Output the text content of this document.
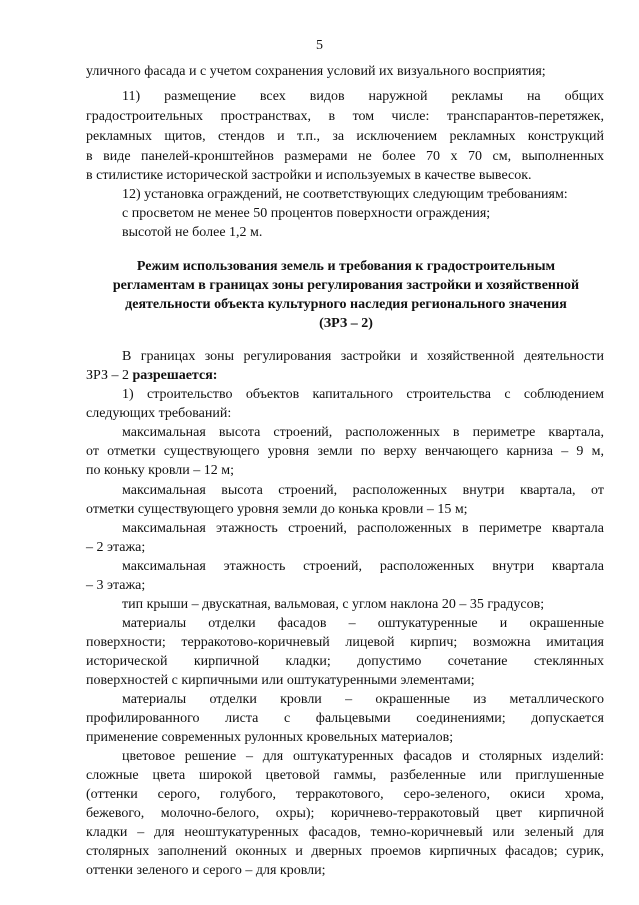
5
уличного фасада и с учетом сохранения условий их визуального восприятия;
11) размещение всех видов наружной рекламы на общих
градостроительных пространствах, в том числе: транспарантов-перетяжек,
рекламных щитов, стендов и т.п., за исключением рекламных конструкций
в виде панелей-кронштейнов размерами не более 70 х 70 см, выполненных
в стилистике исторической застройки и используемых в качестве вывесок.
12) установка ограждений, не соответствующих следующим требованиям:
с просветом не менее 50 процентов поверхности ограждения;
высотой не более 1,2 м.
Режим использования земель и требования к градостроительным
регламентам в границах зоны регулирования застройки и хозяйственной
деятельности объекта культурного наследия регионального значения
(ЗРЗ – 2)
В границах зоны регулирования застройки и хозяйственной деятельности
ЗРЗ – 2 разрешается:
1) строительство объектов капитального строительства с соблюдением
следующих требований:
максимальная высота строений, расположенных в периметре квартала,
от отметки существующего уровня земли по верху венчающего карниза – 9 м,
по коньку кровли – 12 м;
максимальная высота строений, расположенных внутри квартала, от
отметки существующего уровня земли до конька кровли – 15 м;
максимальная этажность строений, расположенных в периметре квартала
– 2 этажа;
максимальная этажность строений, расположенных внутри квартала
– 3 этажа;
тип крыши – двускатная, вальмовая, с углом наклона 20 – 35 градусов;
материалы отделки фасадов – оштукатуренные и окрашенные
поверхности; терракотово-коричневый лицевой кирпич; возможна имитация
исторической кирпичной кладки; допустимо сочетание стеклянных
поверхностей с кирпичными или оштукатуренными элементами;
материалы отделки кровли – окрашенные из металлического
профилированного листа с фальцевыми соединениями; допускается
применение современных рулонных кровельных материалов;
цветовое решение – для оштукатуренных фасадов и столярных изделий:
сложные цвета широкой цветовой гаммы, разбеленные или приглушенные
(оттенки серого, голубого, терракотового, серо-зеленого, окиси хрома,
бежевого, молочно-белого, охры); коричнево-терракотовый цвет кирпичной
кладки – для неоштукатуренных фасадов, темно-коричневый или зеленый для
столярных заполнений оконных и дверных проемов кирпичных фасадов; сурик,
оттенки зеленого и серого – для кровли;
